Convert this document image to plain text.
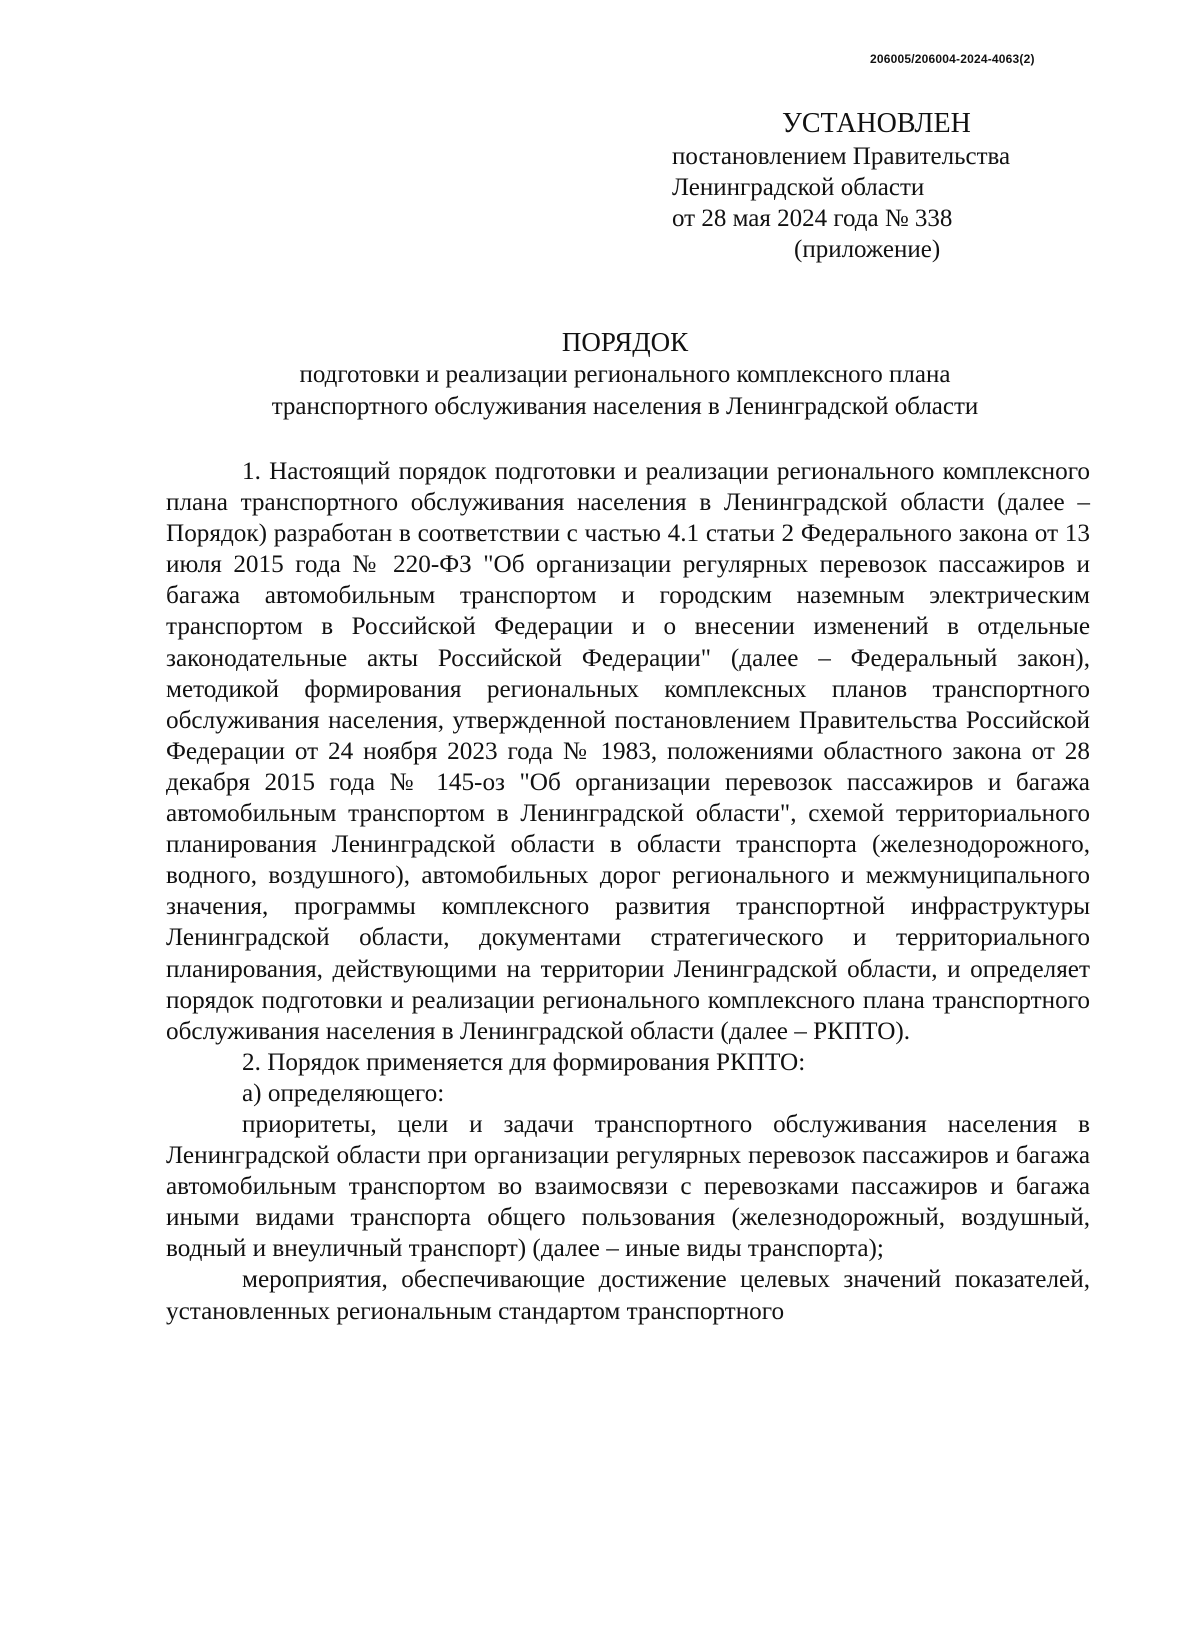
206005/206004-2024-4063(2)
УСТАНОВЛЕН
постановлением Правительства
Ленинградской области
от 28 мая 2024 года № 338
(приложение)
ПОРЯДОК
подготовки и реализации регионального комплексного плана
транспортного обслуживания населения в Ленинградской области

1. Настоящий порядок подготовки и реализации регионального комплексного плана транспортного обслуживания населения в Ленинградской области (далее – Порядок) разработан в соответствии с частью 4.1 статьи 2 Федерального закона от 13 июля 2015 года № 220-ФЗ "Об организации регулярных перевозок пассажиров и багажа автомобильным транспортом и городским наземным электрическим транспортом в Российской Федерации и о внесении изменений в отдельные законодательные акты Российской Федерации" (далее – Федеральный закон), методикой формирования региональных комплексных планов транспортного обслуживания населения, утвержденной постановлением Правительства Российской Федерации от 24 ноября 2023 года № 1983, положениями областного закона от 28 декабря 2015 года № 145-оз "Об организации перевозок пассажиров и багажа автомобильным транспортом в Ленинградской области", схемой территориального планирования Ленинградской области в области транспорта (железнодорожного, водного, воздушного), автомобильных дорог регионального и межмуниципального значения, программы комплексного развития транспортной инфраструктуры Ленинградской области, документами стратегического и территориального планирования, действующими на территории Ленинградской области, и определяет порядок подготовки и реализации регионального комплексного плана транспортного обслуживания населения в Ленинградской области (далее – РКПТО).

2. Порядок применяется для формирования РКПТО:

а) определяющего:

приоритеты, цели и задачи транспортного обслуживания населения в Ленинградской области при организации регулярных перевозок пассажиров и багажа автомобильным транспортом во взаимосвязи с перевозками пассажиров и багажа иными видами транспорта общего пользования (железнодорожный, воздушный, водный и внеуличный транспорт) (далее – иные виды транспорта);

мероприятия, обеспечивающие достижение целевых значений показателей, установленных региональным стандартом транспортного
